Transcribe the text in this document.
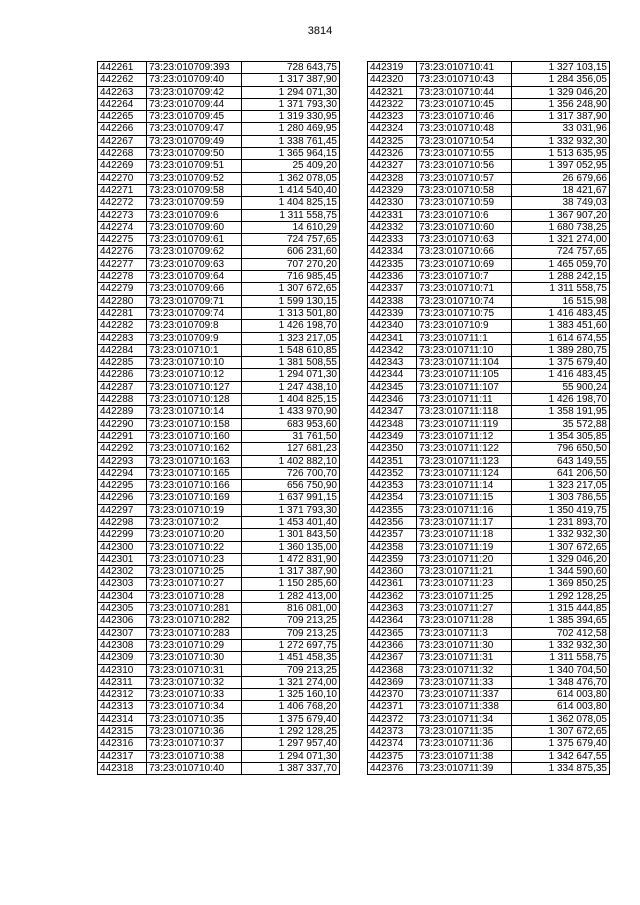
3814
442261	73:23:010709:393	728 643,75
442262	73:23:010709:40	1 317 387,90
442263	73:23:010709:42	1 294 071,30
442264	73:23:010709:44	1 371 793,30
442265	73:23:010709:45	1 319 330,95
442266	73:23:010709:47	1 280 469,95
442267	73:23:010709:49	1 338 761,45
442268	73:23:010709:50	1 365 964,15
442269	73:23:010709:51	25 409,20
442270	73:23:010709:52	1 362 078,05
442271	73:23:010709:58	1 414 540,40
442272	73:23:010709:59	1 404 825,15
442273	73:23:010709:6	1 311 558,75
442274	73:23:010709:60	14 610,29
442275	73:23:010709:61	724 757,65
442276	73:23:010709:62	606 231,60
442277	73:23:010709:63	707 270,20
442278	73:23:010709:64	716 985,45
442279	73:23:010709:66	1 307 672,65
442280	73:23:010709:71	1 599 130,15
442281	73:23:010709:74	1 313 501,80
442282	73:23:010709:8	1 426 198,70
442283	73:23:010709:9	1 323 217,05
442284	73:23:010710:1	1 548 610,85
442285	73:23:010710:10	1 381 508,55
442286	73:23:010710:12	1 294 071,30
442287	73:23:010710:127	1 247 438,10
442288	73:23:010710:128	1 404 825,15
442289	73:23:010710:14	1 433 970,90
442290	73:23:010710:158	683 953,60
442291	73:23:010710:160	31 761,50
442292	73:23:010710:162	127 681,23
442293	73:23:010710:163	1 402 882,10
442294	73:23:010710:165	726 700,70
442295	73:23:010710:166	656 750,90
442296	73:23:010710:169	1 637 991,15
442297	73:23:010710:19	1 371 793,30
442298	73:23:010710:2	1 453 401,40
442299	73:23:010710:20	1 301 843,50
442300	73:23:010710:22	1 360 135,00
442301	73:23:010710:23	1 472 831,90
442302	73:23:010710:25	1 317 387,90
442303	73:23:010710:27	1 150 285,60
442304	73:23:010710:28	1 282 413,00
442305	73:23:010710:281	816 081,00
442306	73:23:010710:282	709 213,25
442307	73:23:010710:283	709 213,25
442308	73:23:010710:29	1 272 697,75
442309	73:23:010710:30	1 451 458,35
442310	73:23:010710:31	709 213,25
442311	73:23:010710:32	1 321 274,00
442312	73:23:010710:33	1 325 160,10
442313	73:23:010710:34	1 406 768,20
442314	73:23:010710:35	1 375 679,40
442315	73:23:010710:36	1 292 128,25
442316	73:23:010710:37	1 297 957,40
442317	73:23:010710:38	1 294 071,30
442318	73:23:010710:40	1 387 337,70
442319	73:23:010710:41	1 327 103,15
442320	73:23:010710:43	1 284 356,05
442321	73:23:010710:44	1 329 046,20
442322	73:23:010710:45	1 356 248,90
442323	73:23:010710:46	1 317 387,90
442324	73:23:010710:48	33 031,96
442325	73:23:010710:54	1 332 932,30
442326	73:23:010710:55	1 513 635,95
442327	73:23:010710:56	1 397 052,95
442328	73:23:010710:57	26 679,66
442329	73:23:010710:58	18 421,67
442330	73:23:010710:59	38 749,03
442331	73:23:010710:6	1 367 907,20
442332	73:23:010710:60	1 680 738,25
442333	73:23:010710:63	1 321 274,00
442334	73:23:010710:66	724 757,65
442335	73:23:010710:69	1 465 059,70
442336	73:23:010710:7	1 288 242,15
442337	73:23:010710:71	1 311 558,75
442338	73:23:010710:74	16 515,98
442339	73:23:010710:75	1 416 483,45
442340	73:23:010710:9	1 383 451,60
442341	73:23:010711:1	1 614 674,55
442342	73:23:010711:10	1 389 280,75
442343	73:23:010711:104	1 375 679,40
442344	73:23:010711:105	1 416 483,45
442345	73:23:010711:107	55 900,24
442346	73:23:010711:11	1 426 198,70
442347	73:23:010711:118	1 358 191,95
442348	73:23:010711:119	35 572,88
442349	73:23:010711:12	1 354 305,85
442350	73:23:010711:122	796 650,50
442351	73:23:010711:123	643 149,55
442352	73:23:010711:124	641 206,50
442353	73:23:010711:14	1 323 217,05
442354	73:23:010711:15	1 303 786,55
442355	73:23:010711:16	1 350 419,75
442356	73:23:010711:17	1 231 893,70
442357	73:23:010711:18	1 332 932,30
442358	73:23:010711:19	1 307 672,65
442359	73:23:010711:20	1 329 046,20
442360	73:23:010711:21	1 344 590,60
442361	73:23:010711:23	1 369 850,25
442362	73:23:010711:25	1 292 128,25
442363	73:23:010711:27	1 315 444,85
442364	73:23:010711:28	1 385 394,65
442365	73:23:010711:3	702 412,58
442366	73:23:010711:30	1 332 932,30
442367	73:23:010711:31	1 311 558,75
442368	73:23:010711:32	1 340 704,50
442369	73:23:010711:33	1 348 476,70
442370	73:23:010711:337	614 003,80
442371	73:23:010711:338	614 003,80
442372	73:23:010711:34	1 362 078,05
442373	73:23:010711:35	1 307 672,65
442374	73:23:010711:36	1 375 679,40
442375	73:23:010711:38	1 342 647,55
442376	73:23:010711:39	1 334 875,35
